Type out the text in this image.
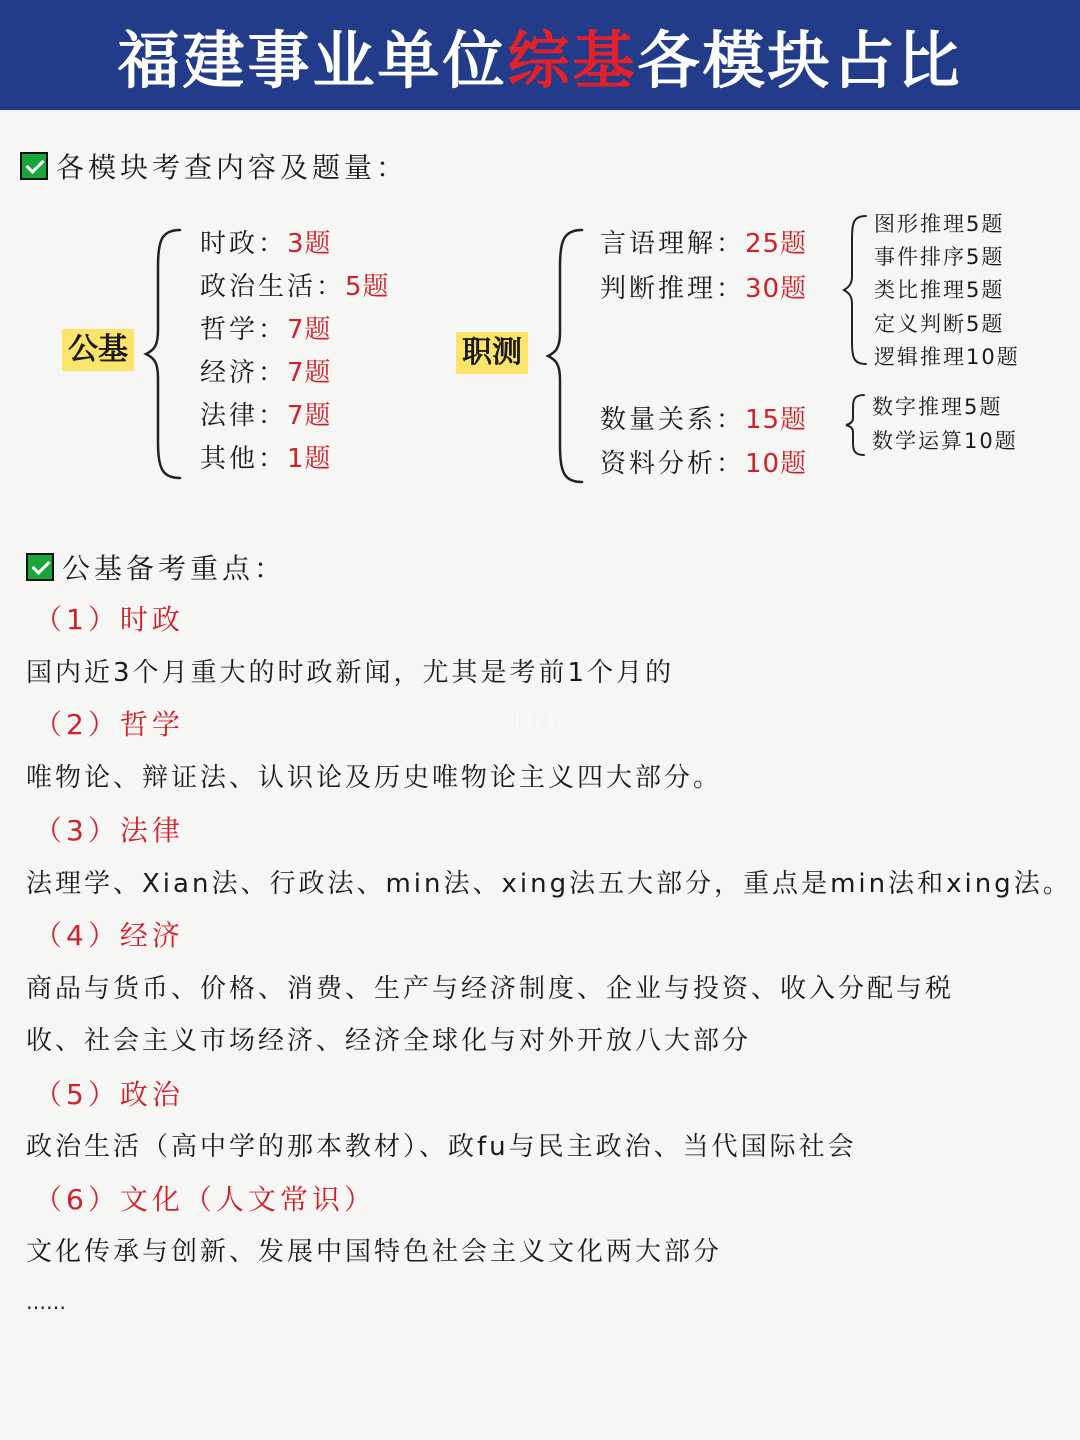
福建事业单位综基各模块占比
各模块考查内容及题量：
公基
时政：3题
政治生活：5题
哲学：7题
经济：7题
法律：7题
其他：1题
职测
言语理解：25题
判断推理：30题
数量关系：15题
资料分析：10题
图形推理5题
事件排序5题
类比推理5题
定义判断5题
逻辑推理10题
数字推理5题
数学运算10题
公基备考重点：
（1）时政
国内近3个月重大的时政新闻，尤其是考前1个月的
（2）哲学
唯物论、辩证法、认识论及历史唯物论主义四大部分。
（3）法律
法理学、Xian法、行政法、min法、xing法五大部分，重点是min法和xing法。
（4）经济
商品与货币、价格、消费、生产与经济制度、企业与投资、收入分配与税
收、社会主义市场经济、经济全球化与对外开放八大部分
（5）政治
政治生活（高中学的那本教材）、政fu与民主政治、当代国际社会
（6）文化（人文常识）
文化传承与创新、发展中国特色社会主义文化两大部分
……
小红书
